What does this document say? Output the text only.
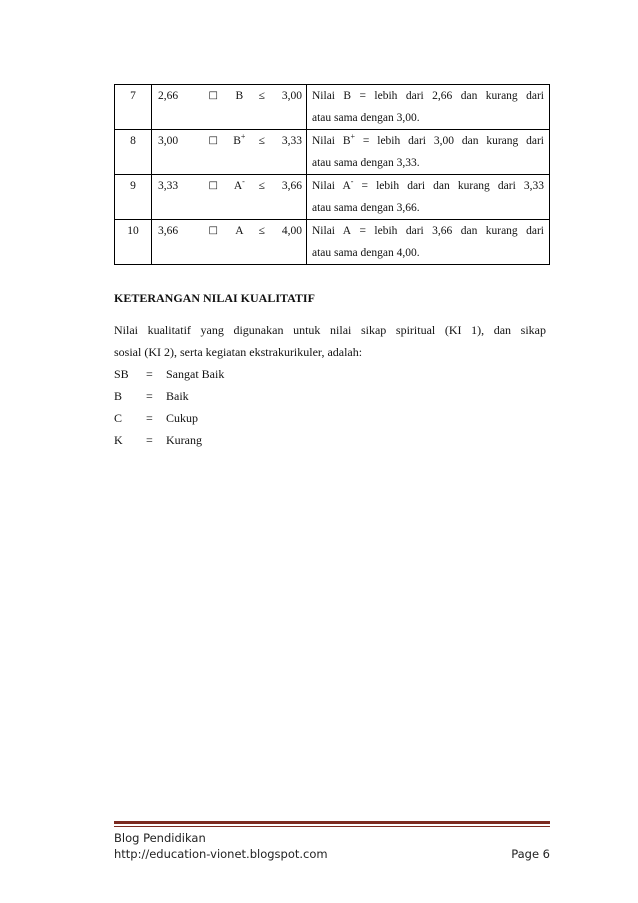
7	2,66 □ B ≤ 3,00	Nilai B = lebih dari 2,66 dan kurang dari
atau sama dengan 3,00.

8	3,00 □ B+ ≤ 3,33	Nilai B+ = lebih dari 3,00 dan kurang dari
atau sama dengan 3,33.

9	3,33 □ A- ≤ 3,66	Nilai A- = lebih dari dan kurang dari 3,33
atau sama dengan 3,66.

10	3,66 □ A ≤ 4,00	Nilai A = lebih dari 3,66 dan kurang dari
atau sama dengan 4,00.
KETERANGAN NILAI KUALITATIF

Nilai kualitatif yang digunakan untuk nilai sikap spiritual (KI 1), dan sikap
sosial (KI 2), serta kegiatan ekstrakurikuler, adalah:

SB	=	Sangat Baik
B	=	Baik
C	=	Cukup
K	=	Kurang
Blog Pendidikan
http://education-vionet.blogspot.com	Page 6
